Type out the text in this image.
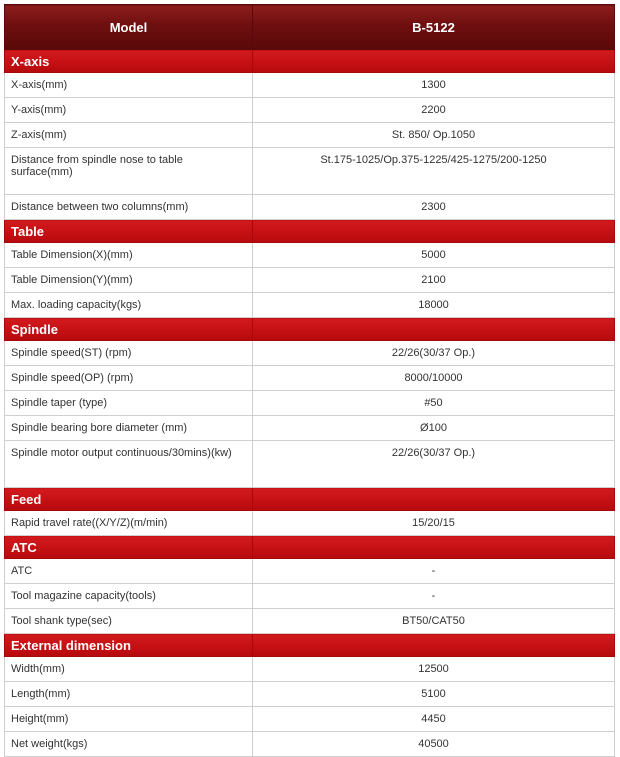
Model	B-5122
X-axis	
X-axis(mm)	1300
Y-axis(mm)	2200
Z-axis(mm)	St. 850/ Op.1050
Distance from spindle nose to table surface(mm)	St.175-1025/Op.375-1225/425-1275/200-1250
Distance between two columns(mm)	2300
Table	
Table Dimension(X)(mm)	5000
Table Dimension(Y)(mm)	2100
Max. loading capacity(kgs)	18000
Spindle	
Spindle speed(ST) (rpm)	22/26(30/37 Op.)
Spindle speed(OP) (rpm)	8000/10000
Spindle taper (type)	#50
Spindle bearing bore diameter (mm)	Ø100
Spindle motor output continuous/30mins)(kw)	22/26(30/37 Op.)
Feed	
Rapid travel rate((X/Y/Z)(m/min)	15/20/15
ATC	
ATC	-
Tool magazine capacity(tools)	-
Tool shank type(sec)	BT50/CAT50
External dimension	
Width(mm)	12500
Length(mm)	5100
Height(mm)	4450
Net weight(kgs)	40500
